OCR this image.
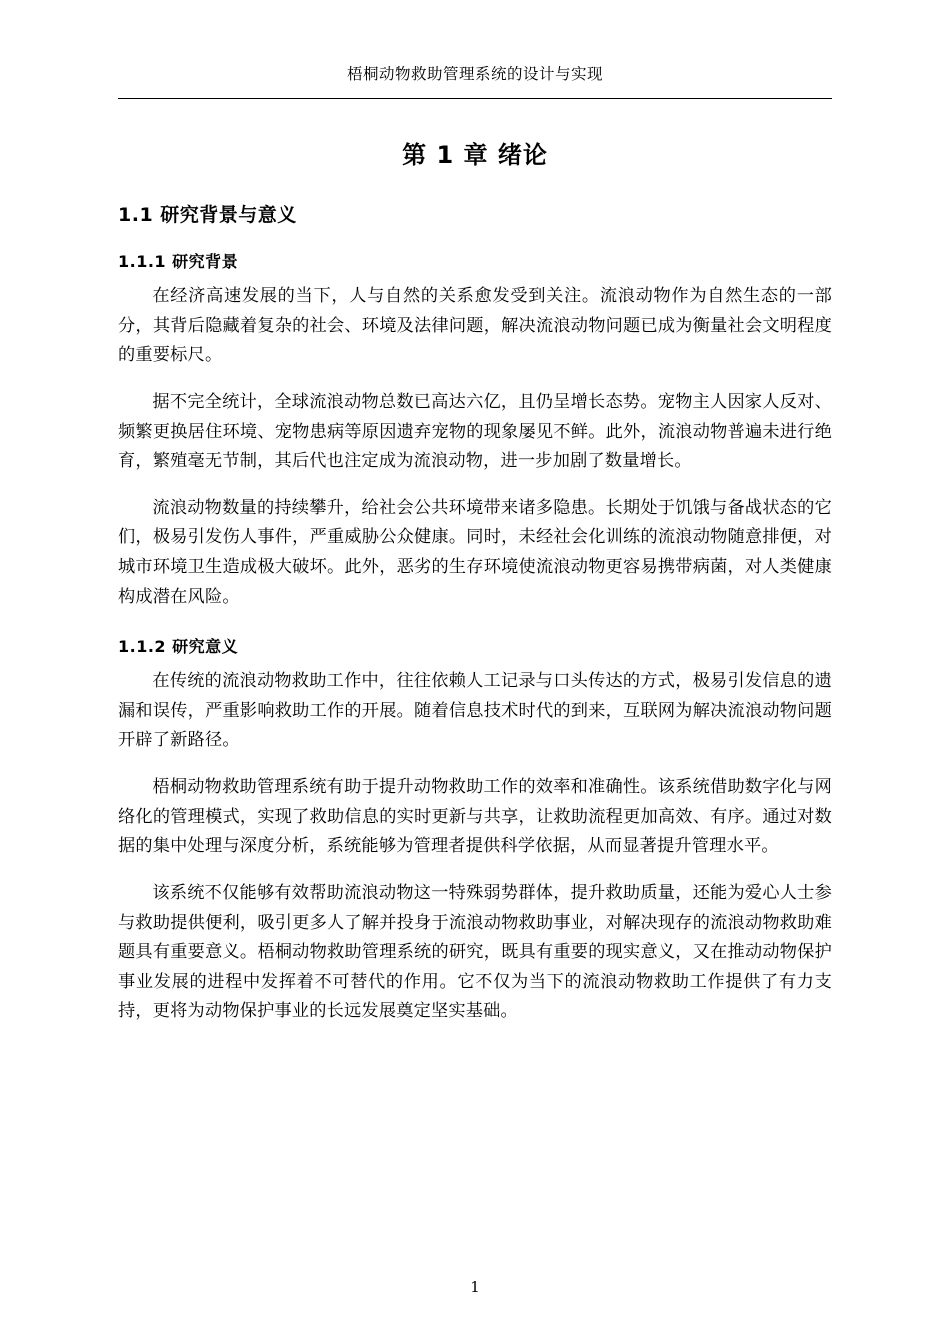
梧桐动物救助管理系统的设计与实现
第 1 章 绪论
1.1 研究背景与意义
1.1.1 研究背景

在经济高速发展的当下，人与自然的关系愈发受到关注。流浪动物作为自然生态的一部分，其背后隐藏着复杂的社会、环境及法律问题，解决流浪动物问题已成为衡量社会文明程度的重要标尺。

据不完全统计，全球流浪动物总数已高达六亿，且仍呈增长态势。宠物主人因家人反对、频繁更换居住环境、宠物患病等原因遗弃宠物的现象屡见不鲜。此外，流浪动物普遍未进行绝育，繁殖毫无节制，其后代也注定成为流浪动物，进一步加剧了数量增长。

流浪动物数量的持续攀升，给社会公共环境带来诸多隐患。长期处于饥饿与备战状态的它们，极易引发伤人事件，严重威胁公众健康。同时，未经社会化训练的流浪动物随意排便，对城市环境卫生造成极大破坏。此外，恶劣的生存环境使流浪动物更容易携带病菌，对人类健康构成潜在风险。

1.1.2 研究意义

在传统的流浪动物救助工作中，往往依赖人工记录与口头传达的方式，极易引发信息的遗漏和误传，严重影响救助工作的开展。随着信息技术时代的到来，互联网为解决流浪动物问题开辟了新路径。

梧桐动物救助管理系统有助于提升动物救助工作的效率和准确性。该系统借助数字化与网络化的管理模式，实现了救助信息的实时更新与共享，让救助流程更加高效、有序。通过对数据的集中处理与深度分析，系统能够为管理者提供科学依据，从而显著提升管理水平。

该系统不仅能够有效帮助流浪动物这一特殊弱势群体，提升救助质量，还能为爱心人士参与救助提供便利，吸引更多人了解并投身于流浪动物救助事业，对解决现存的流浪动物救助难题具有重要意义。梧桐动物救助管理系统的研究，既具有重要的现实意义，又在推动动物保护事业发展的进程中发挥着不可替代的作用。它不仅为当下的流浪动物救助工作提供了有力支持，更将为动物保护事业的长远发展奠定坚实基础。

1
